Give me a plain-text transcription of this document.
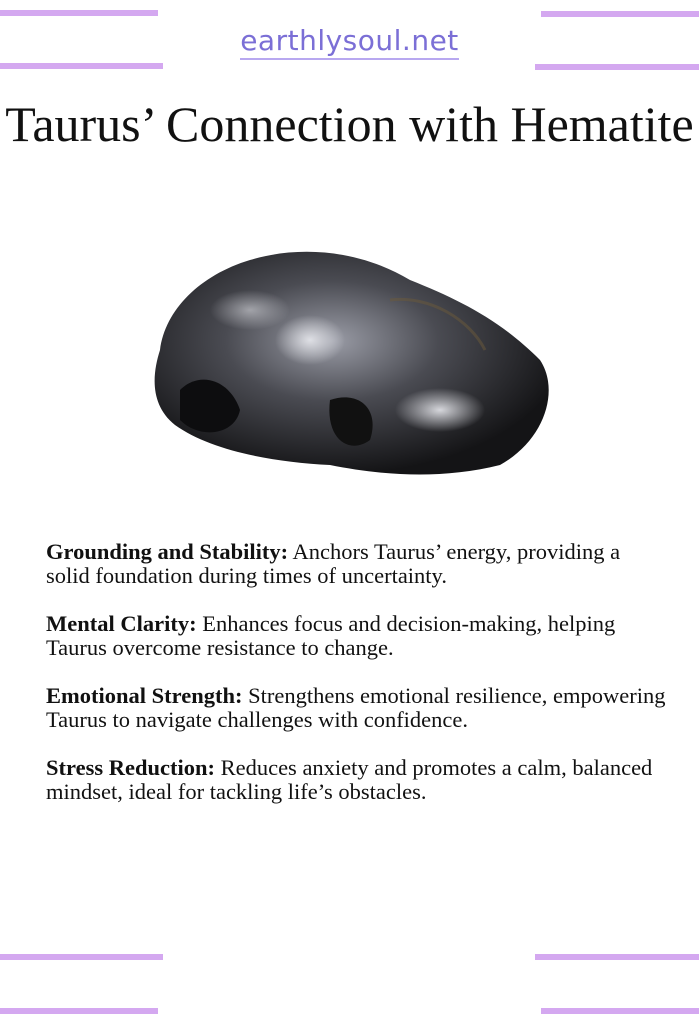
earthlysoul.net
Taurus’ Connection with Hematite

Grounding and Stability: Anchors Taurus’ energy, providing a solid foundation during times of uncertainty.

Mental Clarity: Enhances focus and decision-making, helping Taurus overcome resistance to change.

Emotional Strength: Strengthens emotional resilience, empowering Taurus to navigate challenges with confidence.

Stress Reduction: Reduces anxiety and promotes a calm, balanced mindset, ideal for tackling life’s obstacles.
